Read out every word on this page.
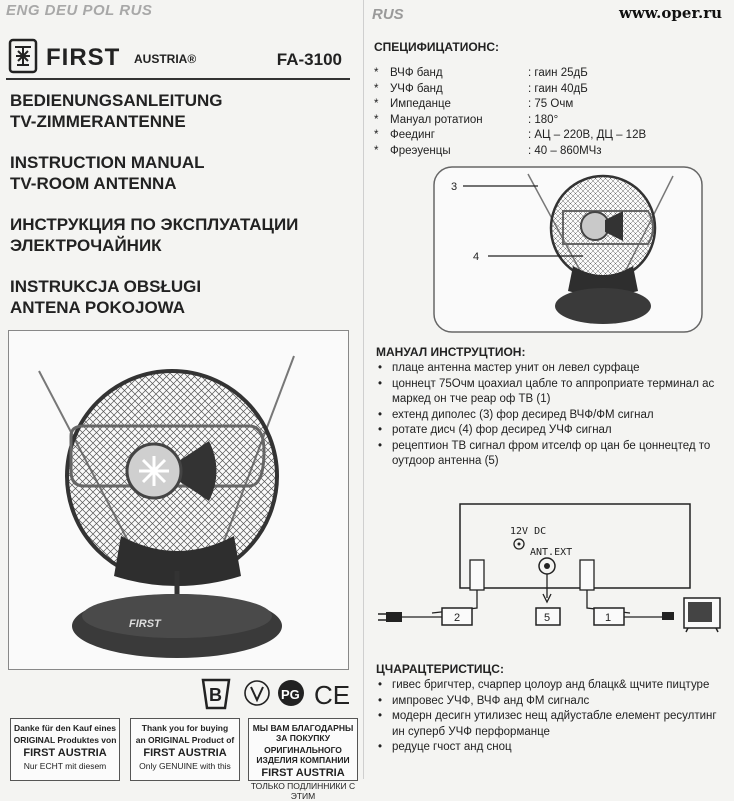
ENG DEU POL RUS	RUS	www.oper.ru
FIRST AUSTRIA®	FA-3100
BEDIENUNGSANLEITUNG
TV-ZIMMERANTENNE
INSTRUCTION MANUAL
TV-ROOM ANTENNA
ИНСТРУКЦИЯ ПО ЭКСПЛУАТАЦИИ
ЭЛЕКТРОЧАЙНИК
INSTRUKCJA OBSŁUGI
ANTENA POKOJOWA
FIRST
B	PG CE
Danke für den Kauf eines
ORIGINAL Produktes von
FIRST AUSTRIA
Nur ECHT mit diesem
Thank you for buying
an ORIGINAL Product of
FIRST AUSTRIA
Only GENUINE with this
МЫ ВАМ БЛАГОДАРНЫ ЗА ПОКУПКУ
ОРИГИНАЛЬНОГО ИЗДЕЛИЯ КОМПАНИИ
FIRST AUSTRIA
ТОЛЬКО ПОДЛИННИКИ С ЭТИМ
СПЕЦИФИЦАТИОНС:
*	ВЧФ банд	: гаин 25дБ
*	УЧФ банд	: гаин 40дБ
*	Импеданце	: 75 Очм
*	Мануал ротатион	: 180°
*	Феединг	: АЦ – 220В, ДЦ – 12В
*	Фреэуенцы	: 40 – 860МЧз
3
4
МАНУАЛ ИНСТРУЦТИОН:
• плаце антенна мастер унит он левел сурфаце
• цоннецт 75Очм цоахиал цабле то аппроприате терминал ас маркед он тче реар оф ТВ (1)
• ехтенд диполес (3) фор десиред ВЧФ/ФМ сигнал
• ротате дисч (4) фор десиред УЧФ сигнал
• рецептион ТВ сигнал фром итселф ор цан бе цоннецтед то оутдоор антенна (5)
12V DC
ANT.EXT
2	5	1
ЦЧАРАЦТЕРИСТИЦС:
• гивес бригчтер, счарпер цолоур анд блацк& щчите пицтуре
• импровес УЧФ, ВЧФ анд ФМ сигналс
• модерн десигн утилизес нещ адйустабле елемент ресултинг ин суперб УЧФ перформанце
• редуце гчост анд сноц
